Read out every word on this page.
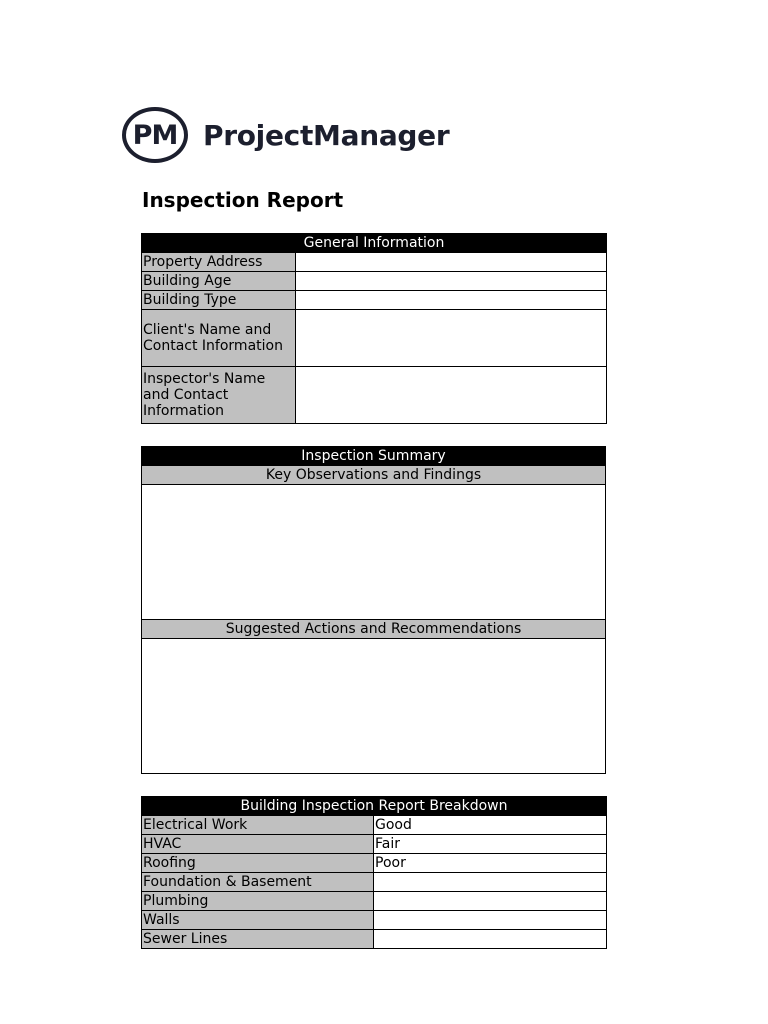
PM ProjectManager
Inspection Report
General Information	
Property Address	
Building Age	
Building Type	
Client's Name and Contact Information	
Inspector's Name and Contact Information	
Inspection Summary
Key Observations and Findings

Suggested Actions and Recommendations

Building Inspection Report Breakdown	
Electrical Work	Good
HVAC	Fair
Roofing	Poor
Foundation & Basement	
Plumbing	
Walls	
Sewer Lines	
